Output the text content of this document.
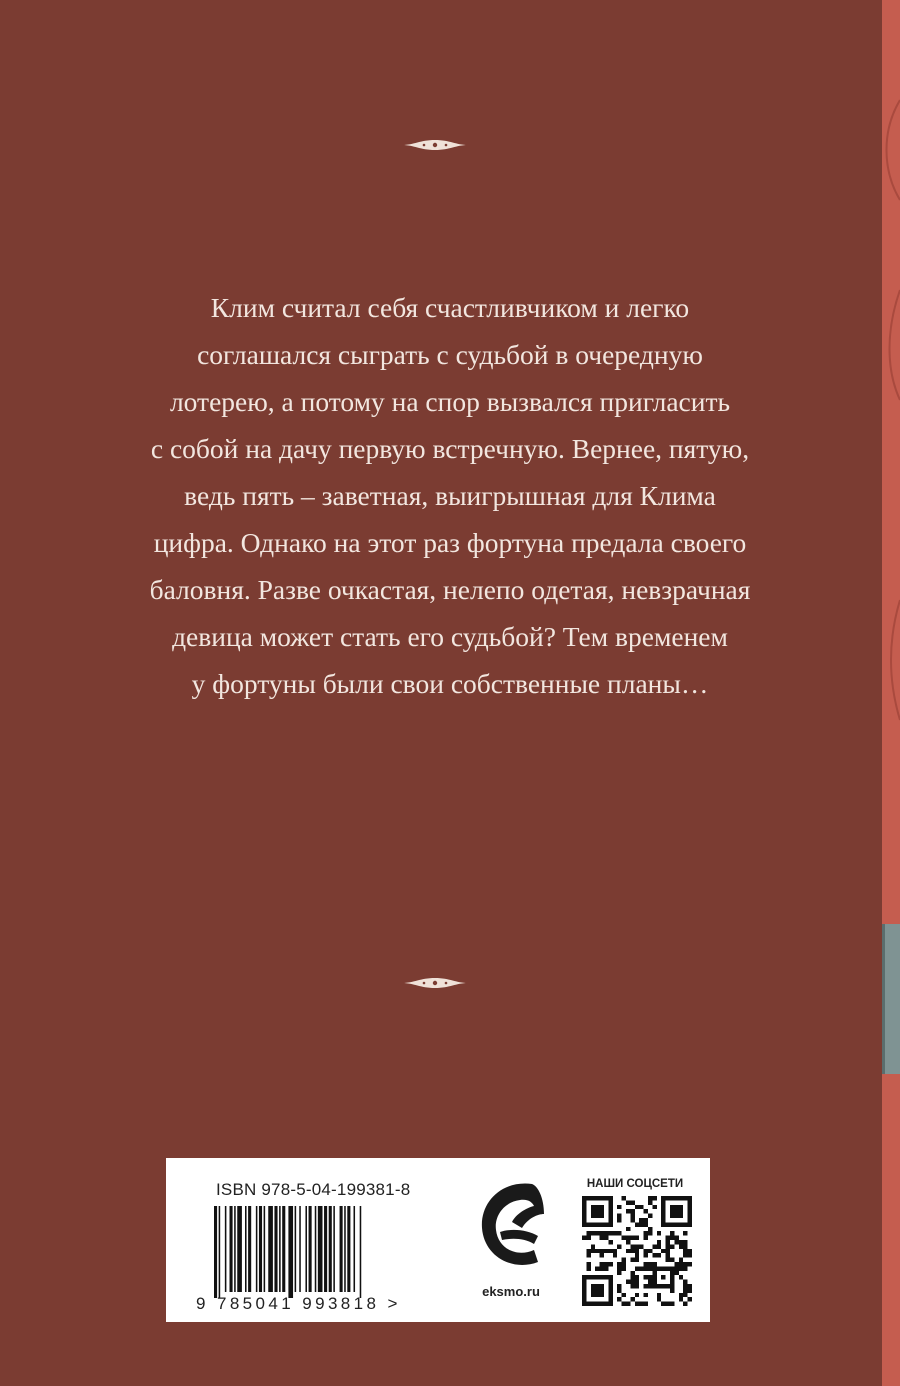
Клим считал себя счастливчиком и легко
соглашался сыграть с судьбой в очередную
лотерею, а потому на спор вызвался пригласить
с собой на дачу первую встречную. Вернее, пятую,
ведь пять – заветная, выигрышная для Клима
цифра. Однако на этот раз фортуна предала своего
баловня. Разве очкастая, нелепо одетая, невзрачная
девица может стать его судьбой? Тем временем
у фортуны были свои собственные планы…

ISBN 978-5-04-199381-8
9 785041 993818 >
eksmo.ru
НАШИ СОЦСЕТИ
